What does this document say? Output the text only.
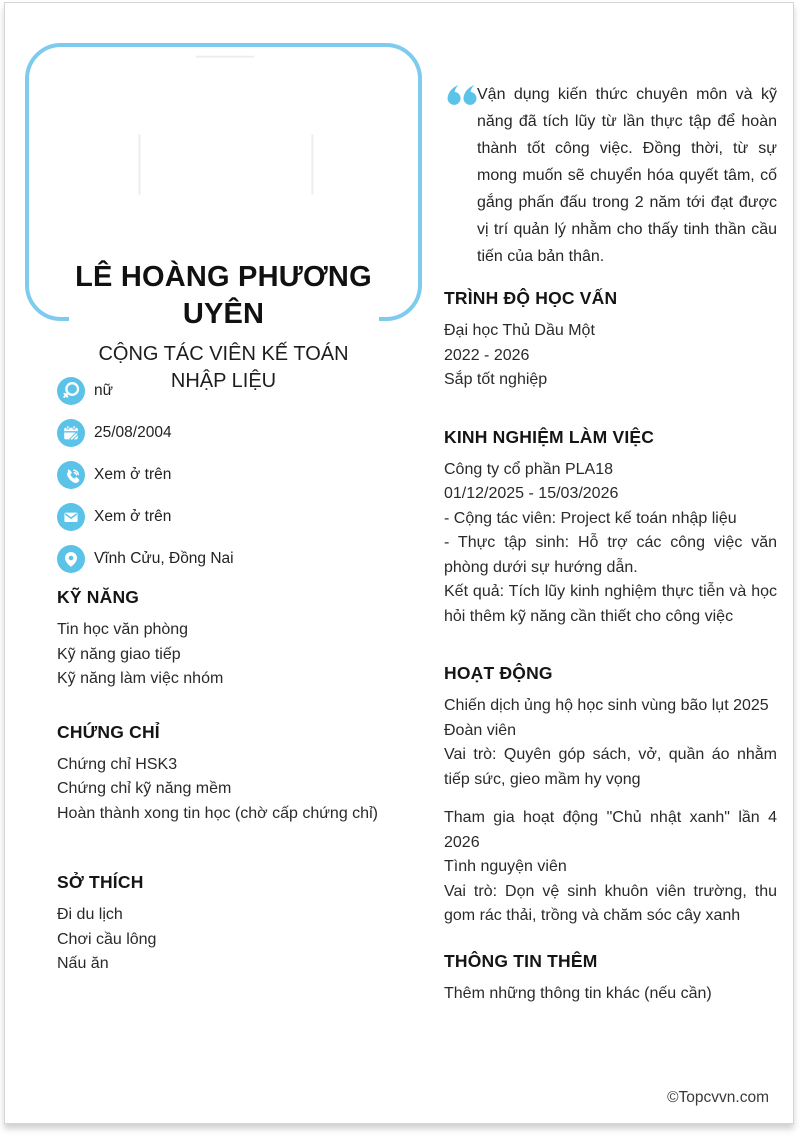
LÊ HOÀNG PHƯƠNG UYÊN
CỘNG TÁC VIÊN KẾ TOÁN NHẬP LIỆU
nữ
25/08/2004
Xem ở trên
Xem ở trên
Vĩnh Cửu, Đồng Nai
KỸ NĂNG

Tin học văn phòng

Kỹ năng giao tiếp

Kỹ năng làm việc nhóm

CHỨNG CHỈ

Chứng chỉ HSK3

Chứng chỉ kỹ năng mềm

Hoàn thành xong tin học (chờ cấp chứng chỉ)

SỞ THÍCH

Đi du lịch

Chơi cầu lông

Nấu ăn

Vận dụng kiến thức chuyên môn và kỹ năng đã tích lũy từ lần thực tập để hoàn thành tốt công việc. Đồng thời, từ sự mong muốn sẽ chuyển hóa quyết tâm, cố gắng phấn đấu trong 2 năm tới đạt được vị trí quản lý nhằm cho thấy tinh thần cầu tiến của bản thân.

TRÌNH ĐỘ HỌC VẤN

Đại học Thủ Dầu Một

2022 - 2026

Sắp tốt nghiệp

KINH NGHIỆM LÀM VIỆC

Công ty cổ phần PLA18

01/12/2025 - 15/03/2026

- Cộng tác viên: Project kế toán nhập liệu

- Thực tập sinh: Hỗ trợ các công việc văn phòng dưới sự hướng dẫn.

Kết quả: Tích lũy kinh nghiệm thực tiễn và học hỏi thêm kỹ năng cần thiết cho công việc

HOẠT ĐỘNG

Chiến dịch ủng hộ học sinh vùng bão lụt 2025

Đoàn viên

Vai trò: Quyên góp sách, vở, quần áo nhằm tiếp sức, gieo mầm hy vọng

Tham gia hoạt động "Chủ nhật xanh" lần 4 2026

Tình nguyện viên

Vai trò: Dọn vệ sinh khuôn viên trường, thu gom rác thải, trồng và chăm sóc cây xanh

THÔNG TIN THÊM

Thêm những thông tin khác (nếu cần)

©Topcvvn.com
